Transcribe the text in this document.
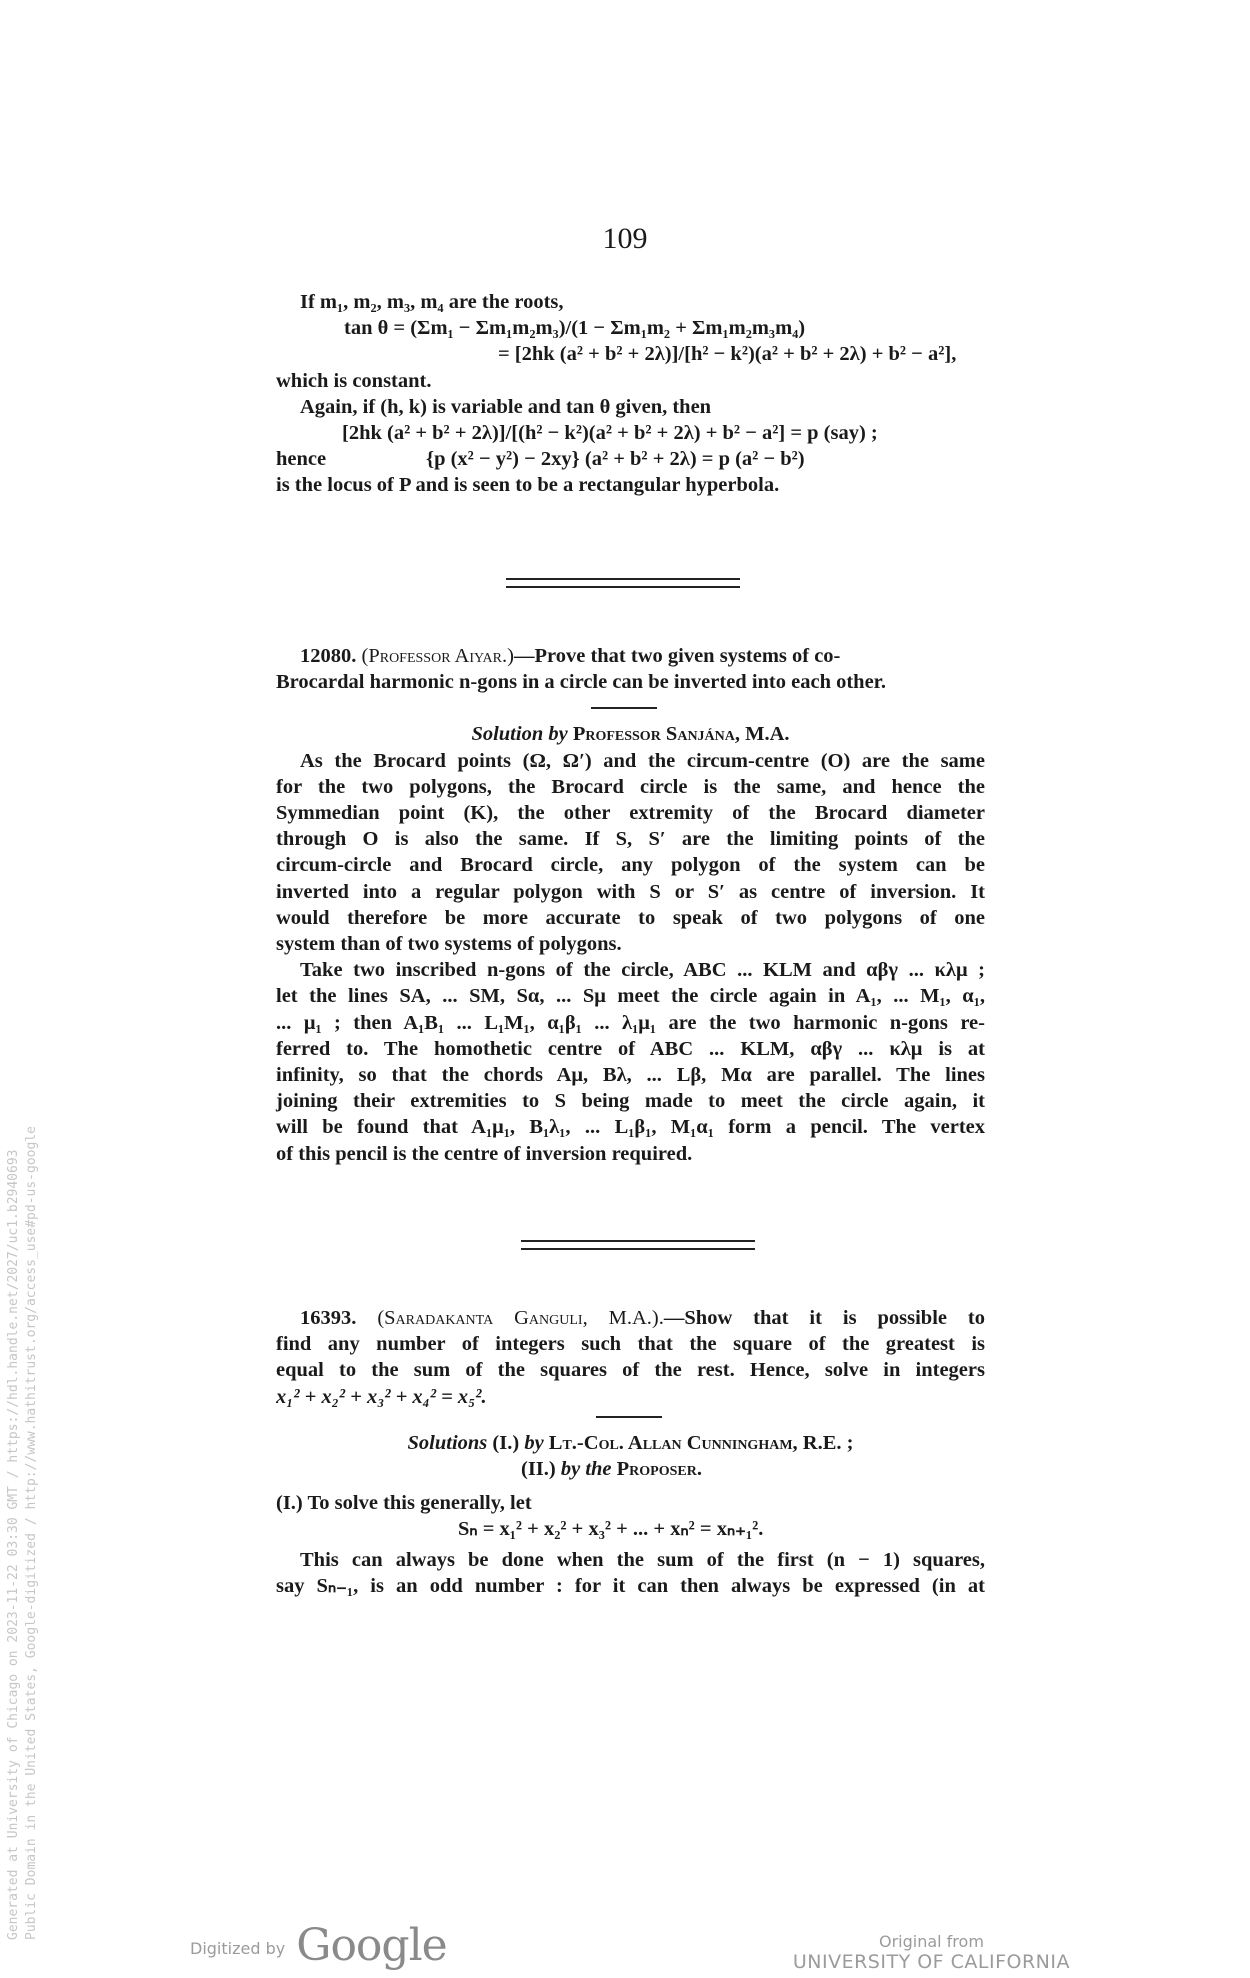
109
If m₁, m₂, m₃, m₄ are the roots,
tan θ = (Σm₁ − Σm₁m₂m₃)/(1 − Σm₁m₂ + Σm₁m₂m₃m₄)
= [2hk (a² + b² + 2λ)]/[h² − k²)(a² + b² + 2λ) + b² − a²],
which is constant.
Again, if (h, k) is variable and tan θ given, then
[2hk (a² + b² + 2λ)]/[(h² − k²)(a² + b² + 2λ) + b² − a²] = p (say) ;
hence	{p (x² − y²) − 2xy} (a² + b² + 2λ) = p (a² − b²)
is the locus of P and is seen to be a rectangular hyperbola.
12080. (Professor Aiyar.)—Prove that two given systems of co-
Brocardal harmonic n-gons in a circle can be inverted into each other.
Solution by Professor Sanjána, M.A.
As the Brocard points (Ω, Ω′) and the circum-centre (O) are the same
for the two polygons, the Brocard circle is the same, and hence the
Symmedian point (K), the other extremity of the Brocard diameter
through O is also the same. If S, S′ are the limiting points of the
circum-circle and Brocard circle, any polygon of the system can be
inverted into a regular polygon with S or S′ as centre of inversion. It
would therefore be more accurate to speak of two polygons of one
system than of two systems of polygons.
Take two inscribed n-gons of the circle, ABC ... KLM and αβγ ... κλμ ;
let the lines SA, ... SM, Sα, ... Sμ meet the circle again in A₁, ... M₁, α₁,
... μ₁ ; then A₁B₁ ... L₁M₁, α₁β₁ ... λ₁μ₁ are the two harmonic n-gons re-
ferred to. The homothetic centre of ABC ... KLM, αβγ ... κλμ is at
infinity, so that the chords Aμ, Bλ, ... Lβ, Mα are parallel. The lines
joining their extremities to S being made to meet the circle again, it
will be found that A₁μ₁, B₁λ₁, ... L₁β₁, M₁α₁ form a pencil. The vertex
of this pencil is the centre of inversion required.
16393. (Saradakanta Ganguli, M.A.).—Show that it is possible to
find any number of integers such that the square of the greatest is
equal to the sum of the squares of the rest. Hence, solve in integers
x₁² + x₂² + x₃² + x₄² = x₅².
Solutions (I.) by Lt.-Col. Allan Cunningham, R.E. ;
(II.) by the Proposer.
(I.) To solve this generally, let
Sₙ = x₁² + x₂² + x₃² + ... + xₙ² = xₙ₊₁².
This can always be done when the sum of the first (n − 1) squares,
say Sₙ₋₁, is an odd number : for it can then always be expressed (in at
Generated at University of Chicago on 2023-11-22 03:30 GMT / https://hdl.handle.net/2027/uc1.b2940693 Public Domain in the United States, Google-digitized / http://www.hathitrust.org/access_use#pd-us-google
Digitized by Google	Original from
UNIVERSITY OF CALIFORNIA
